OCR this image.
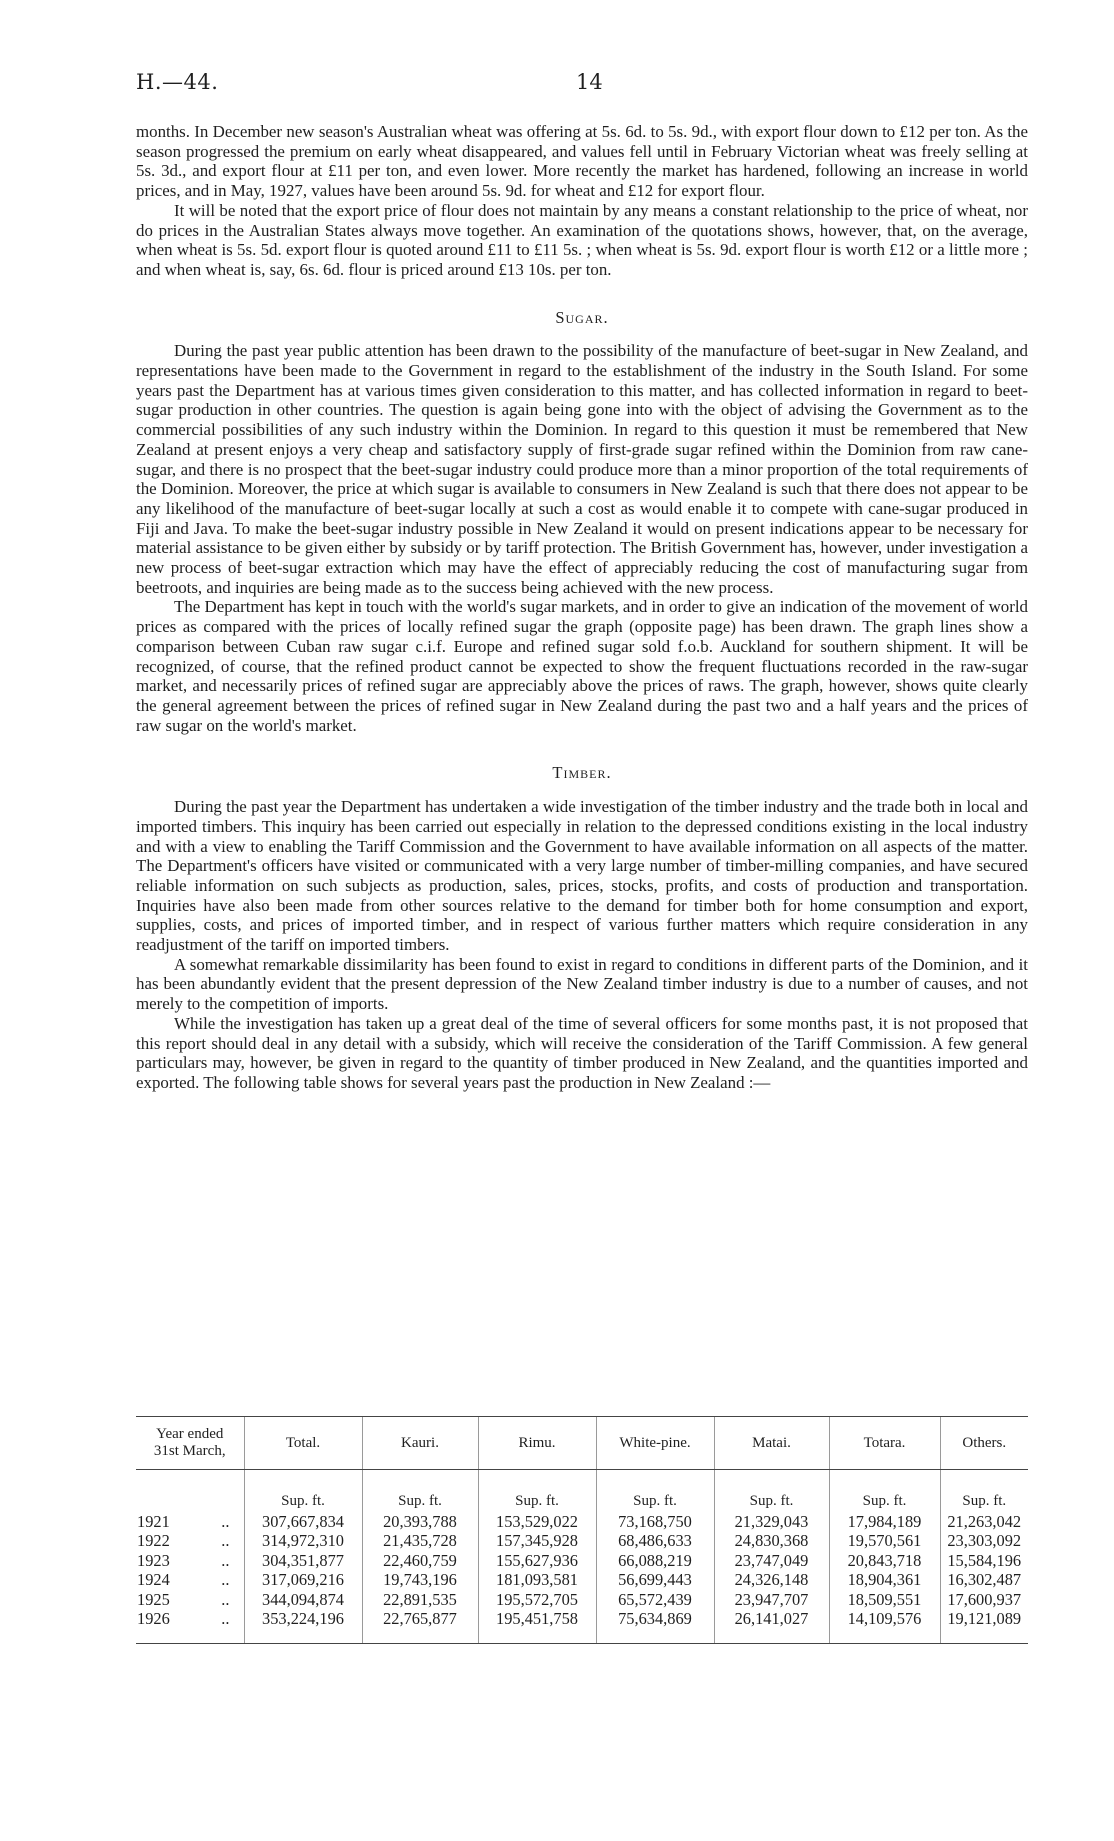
H.—44.	14

months. In December new season's Australian wheat was offering at 5s. 6d. to 5s. 9d., with export flour down to £12 per ton. As the season progressed the premium on early wheat disappeared, and values fell until in February Victorian wheat was freely selling at 5s. 3d., and export flour at £11 per ton, and even lower. More recently the market has hardened, following an increase in world prices, and in May, 1927, values have been around 5s. 9d. for wheat and £12 for export flour.

It will be noted that the export price of flour does not maintain by any means a constant relationship to the price of wheat, nor do prices in the Australian States always move together. An examination of the quotations shows, however, that, on the average, when wheat is 5s. 5d. export flour is quoted around £11 to £11 5s. ; when wheat is 5s. 9d. export flour is worth £12 or a little more ; and when wheat is, say, 6s. 6d. flour is priced around £13 10s. per ton.

Sugar.

During the past year public attention has been drawn to the possibility of the manufacture of beet-sugar in New Zealand, and representations have been made to the Government in regard to the establishment of the industry in the South Island. For some years past the Department has at various times given consideration to this matter, and has collected information in regard to beet-sugar production in other countries. The question is again being gone into with the object of advising the Government as to the commercial possibilities of any such industry within the Dominion. In regard to this question it must be remembered that New Zealand at present enjoys a very cheap and satisfactory supply of first-grade sugar refined within the Dominion from raw cane-sugar, and there is no prospect that the beet-sugar industry could produce more than a minor proportion of the total requirements of the Dominion. Moreover, the price at which sugar is available to consumers in New Zealand is such that there does not appear to be any likelihood of the manufacture of beet-sugar locally at such a cost as would enable it to compete with cane-sugar produced in Fiji and Java. To make the beet-sugar industry possible in New Zealand it would on present indications appear to be necessary for material assistance to be given either by subsidy or by tariff protection. The British Government has, however, under investigation a new process of beet-sugar extraction which may have the effect of appreciably reducing the cost of manufacturing sugar from beetroots, and inquiries are being made as to the success being achieved with the new process.

The Department has kept in touch with the world's sugar markets, and in order to give an indication of the movement of world prices as compared with the prices of locally refined sugar the graph (opposite page) has been drawn. The graph lines show a comparison between Cuban raw sugar c.i.f. Europe and refined sugar sold f.o.b. Auckland for southern shipment. It will be recognized, of course, that the refined product cannot be expected to show the frequent fluctuations recorded in the raw-sugar market, and necessarily prices of refined sugar are appreciably above the prices of raws. The graph, however, shows quite clearly the general agreement between the prices of refined sugar in New Zealand during the past two and a half years and the prices of raw sugar on the world's market.

Timber.

During the past year the Department has undertaken a wide investigation of the timber industry and the trade both in local and imported timbers. This inquiry has been carried out especially in relation to the depressed conditions existing in the local industry and with a view to enabling the Tariff Commission and the Government to have available information on all aspects of the matter. The Department's officers have visited or communicated with a very large number of timber-milling companies, and have secured reliable information on such subjects as production, sales, prices, stocks, profits, and costs of production and transportation. Inquiries have also been made from other sources relative to the demand for timber both for home consumption and export, supplies, costs, and prices of imported timber, and in respect of various further matters which require consideration in any readjustment of the tariff on imported timbers.

A somewhat remarkable dissimilarity has been found to exist in regard to conditions in different parts of the Dominion, and it has been abundantly evident that the present depression of the New Zealand timber industry is due to a number of causes, and not merely to the competition of imports.

While the investigation has taken up a great deal of the time of several officers for some months past, it is not proposed that this report should deal in any detail with a subsidy, which will receive the consideration of the Tariff Commission. A few general particulars may, however, be given in regard to the quantity of timber produced in New Zealand, and the quantities imported and exported. The following table shows for several years past the production in New Zealand :—

Year ended
31st March,	Total.	Kauri.	Rimu.	White-pine.	Matai.	Totara.	Others.
	Sup. ft.	Sup. ft.	Sup. ft.	Sup. ft.	Sup. ft.	Sup. ft.	Sup. ft.
1921 ..	307,667,834	20,393,788	153,529,022	73,168,750	21,329,043	17,984,189	21,263,042
1922 ..	314,972,310	21,435,728	157,345,928	68,486,633	24,830,368	19,570,561	23,303,092
1923 ..	304,351,877	22,460,759	155,627,936	66,088,219	23,747,049	20,843,718	15,584,196
1924 ..	317,069,216	19,743,196	181,093,581	56,699,443	24,326,148	18,904,361	16,302,487
1925 ..	344,094,874	22,891,535	195,572,705	65,572,439	23,947,707	18,509,551	17,600,937
1926 ..	353,224,196	22,765,877	195,451,758	75,634,869	26,141,027	14,109,576	19,121,089
